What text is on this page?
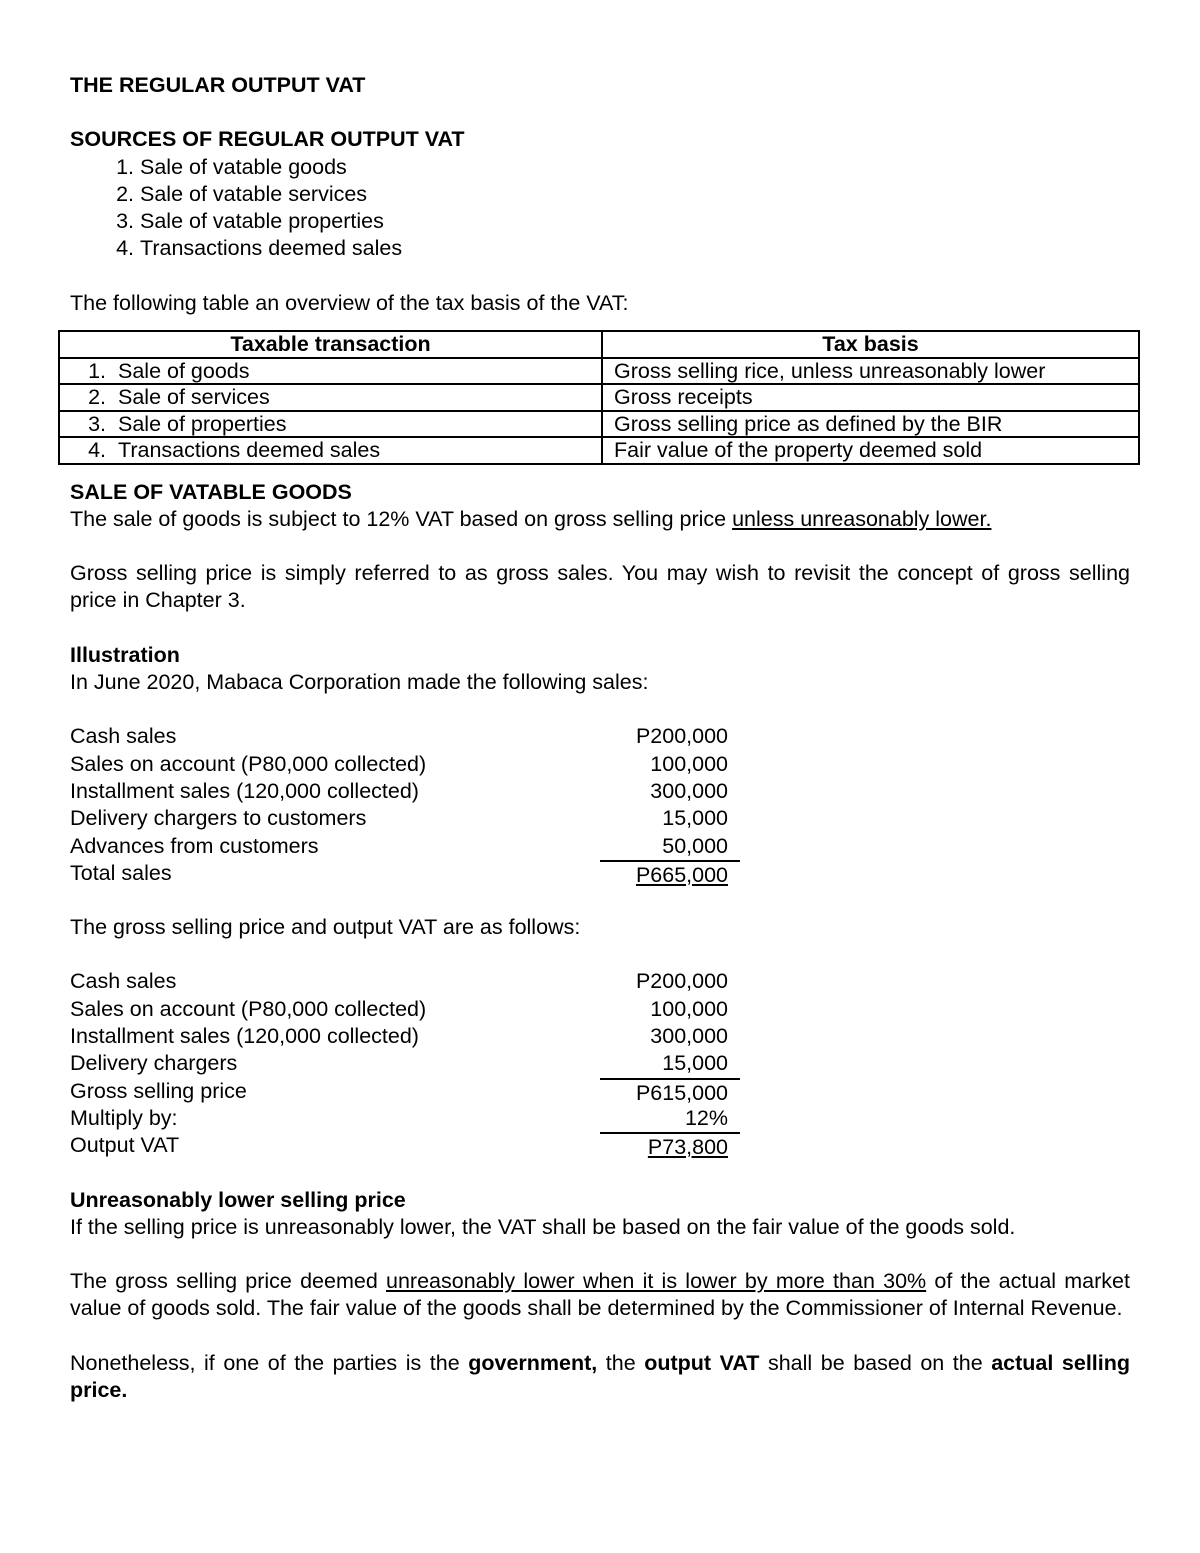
THE REGULAR OUTPUT VAT
SOURCES OF REGULAR OUTPUT VAT
1. Sale of vatable goods
2. Sale of vatable services
3. Sale of vatable properties
4. Transactions deemed sales
The following table an overview of the tax basis of the VAT:
Taxable transaction	Tax basis
1. Sale of goods	Gross selling rice, unless unreasonably lower
2. Sale of services	Gross receipts
3. Sale of properties	Gross selling price as defined by the BIR
4. Transactions deemed sales	Fair value of the property deemed sold
SALE OF VATABLE GOODS
The sale of goods is subject to 12% VAT based on gross selling price unless unreasonably lower.
Gross selling price is simply referred to as gross sales. You may wish to revisit the concept of gross selling price in Chapter 3.
Illustration
In June 2020, Mabaca Corporation made the following sales:
Cash sales	P200,000
Sales on account (P80,000 collected)	100,000
Installment sales (120,000 collected)	300,000
Delivery chargers to customers	15,000
Advances from customers	50,000
Total sales	P665,000
The gross selling price and output VAT are as follows:
Cash sales	P200,000
Sales on account (P80,000 collected)	100,000
Installment sales (120,000 collected)	300,000
Delivery chargers	15,000
Gross selling price	P615,000
Multiply by:	12%
Output VAT	P73,800
Unreasonably lower selling price
If the selling price is unreasonably lower, the VAT shall be based on the fair value of the goods sold.
The gross selling price deemed unreasonably lower when it is lower by more than 30% of the actual market value of goods sold. The fair value of the goods shall be determined by the Commissioner of Internal Revenue.
Nonetheless, if one of the parties is the government, the output VAT shall be based on the actual selling price.
